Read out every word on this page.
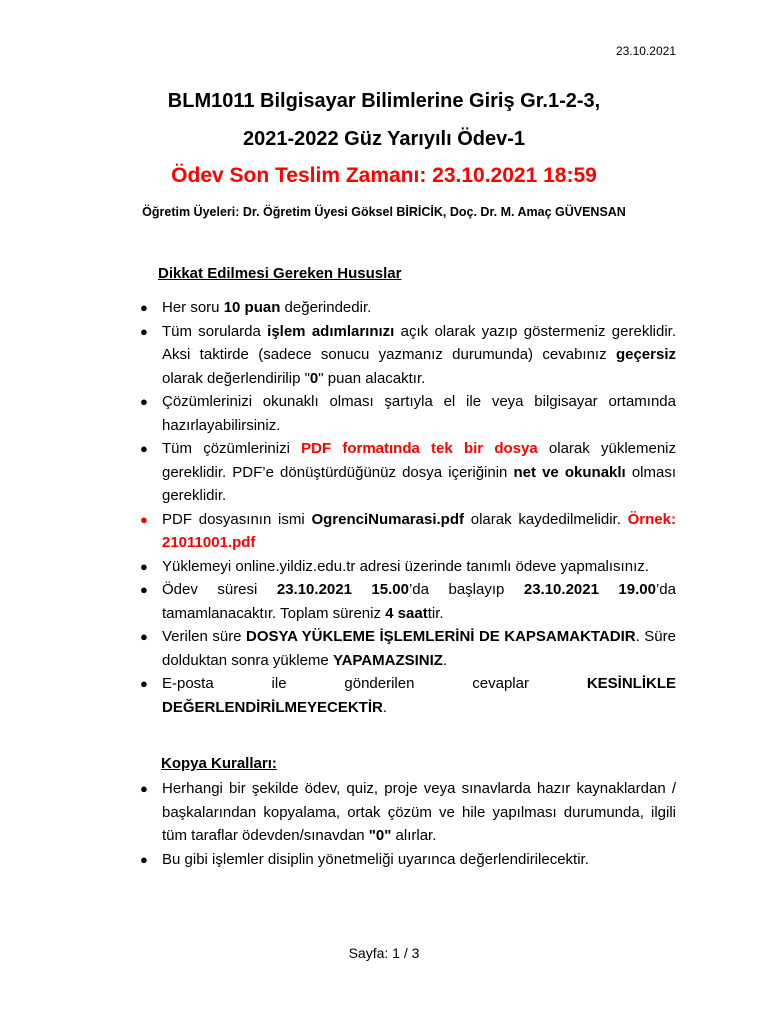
23.10.2021
BLM1011 Bilgisayar Bilimlerine Giriş Gr.1-2-3,
2021-2022 Güz Yarıyılı Ödev-1
Ödev Son Teslim Zamanı: 23.10.2021 18:59
Öğretim Üyeleri: Dr. Öğretim Üyesi Göksel BİRİCİK, Doç. Dr. M. Amaç GÜVENSAN
Dikkat Edilmesi Gereken Hususlar
● Her soru 10 puan değerindedir.
● Tüm sorularda işlem adımlarınızı açık olarak yazıp göstermeniz gereklidir. Aksi taktirde (sadece sonucu yazmanız durumunda) cevabınız geçersiz olarak değerlendirilip "0" puan alacaktır.
● Çözümlerinizi okunaklı olması şartıyla el ile veya bilgisayar ortamında hazırlayabilirsiniz.
● Tüm çözümlerinizi PDF formatında tek bir dosya olarak yüklemeniz gereklidir. PDF’e dönüştürdüğünüz dosya içeriğinin net ve okunaklı olması gereklidir.
● PDF dosyasının ismi OgrenciNumarasi.pdf olarak kaydedilmelidir. Örnek: 21011001.pdf
● Yüklemeyi online.yildiz.edu.tr adresi üzerinde tanımlı ödeve yapmalısınız.
● Ödev süresi 23.10.2021 15.00’da başlayıp 23.10.2021 19.00’da tamamlanacaktır. Toplam süreniz 4 saattir.
● Verilen süre DOSYA YÜKLEME İŞLEMLERİNİ DE KAPSAMAKTADIR. Süre dolduktan sonra yükleme YAPAMAZSINIZ.
● E-posta ile gönderilen cevaplar KESİNLİKLE DEĞERLENDİRİLMEYECEKTİR.
Kopya Kuralları:
● Herhangi bir şekilde ödev, quiz, proje veya sınavlarda hazır kaynaklardan / başkalarından kopyalama, ortak çözüm ve hile yapılması durumunda, ilgili tüm taraflar ödevden/sınavdan "0" alırlar.
● Bu gibi işlemler disiplin yönetmeliği uyarınca değerlendirilecektir.
Sayfa: 1 / 3
